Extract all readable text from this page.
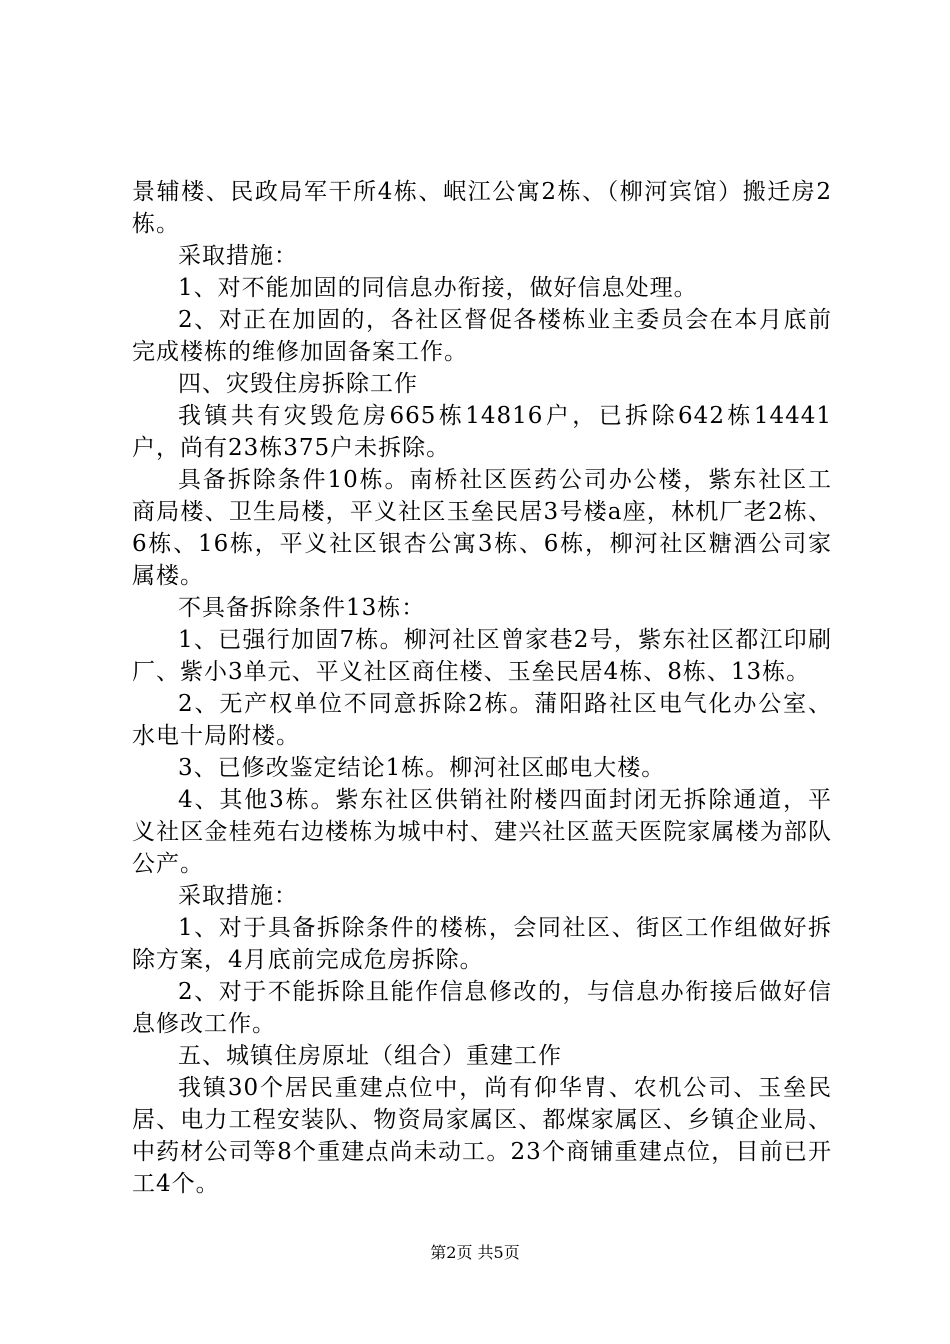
景辅楼、民政局军干所4栋、岷江公寓2栋、（柳河宾馆）搬迁房2栋。

采取措施：

1、对不能加固的同信息办衔接，做好信息处理。

2、对正在加固的，各社区督促各楼栋业主委员会在本月底前完成楼栋的维修加固备案工作。

四、灾毁住房拆除工作

我镇共有灾毁危房665栋14816户，已拆除642栋14441户，尚有23栋375户未拆除。

具备拆除条件10栋。南桥社区医药公司办公楼，紫东社区工商局楼、卫生局楼，平义社区玉垒民居3号楼a座，林机厂老2栋、6栋、16栋，平义社区银杏公寓3栋、6栋，柳河社区糖酒公司家属楼。

不具备拆除条件13栋：

1、已强行加固7栋。柳河社区曾家巷2号，紫东社区都江印刷厂、紫小3单元、平义社区商住楼、玉垒民居4栋、8栋、13栋。

2、无产权单位不同意拆除2栋。蒲阳路社区电气化办公室、水电十局附楼。

3、已修改鉴定结论1栋。柳河社区邮电大楼。

4、其他3栋。紫东社区供销社附楼四面封闭无拆除通道，平义社区金桂苑右边楼栋为城中村、建兴社区蓝天医院家属楼为部队公产。

采取措施：

1、对于具备拆除条件的楼栋，会同社区、街区工作组做好拆除方案，4月底前完成危房拆除。

2、对于不能拆除且能作信息修改的，与信息办衔接后做好信息修改工作。

五、城镇住房原址（组合）重建工作

我镇30个居民重建点位中，尚有仰华胄、农机公司、玉垒民居、电力工程安装队、物资局家属区、都煤家属区、乡镇企业局、中药材公司等8个重建点尚未动工。23个商铺重建点位，目前已开工4个。

第2页 共5页
